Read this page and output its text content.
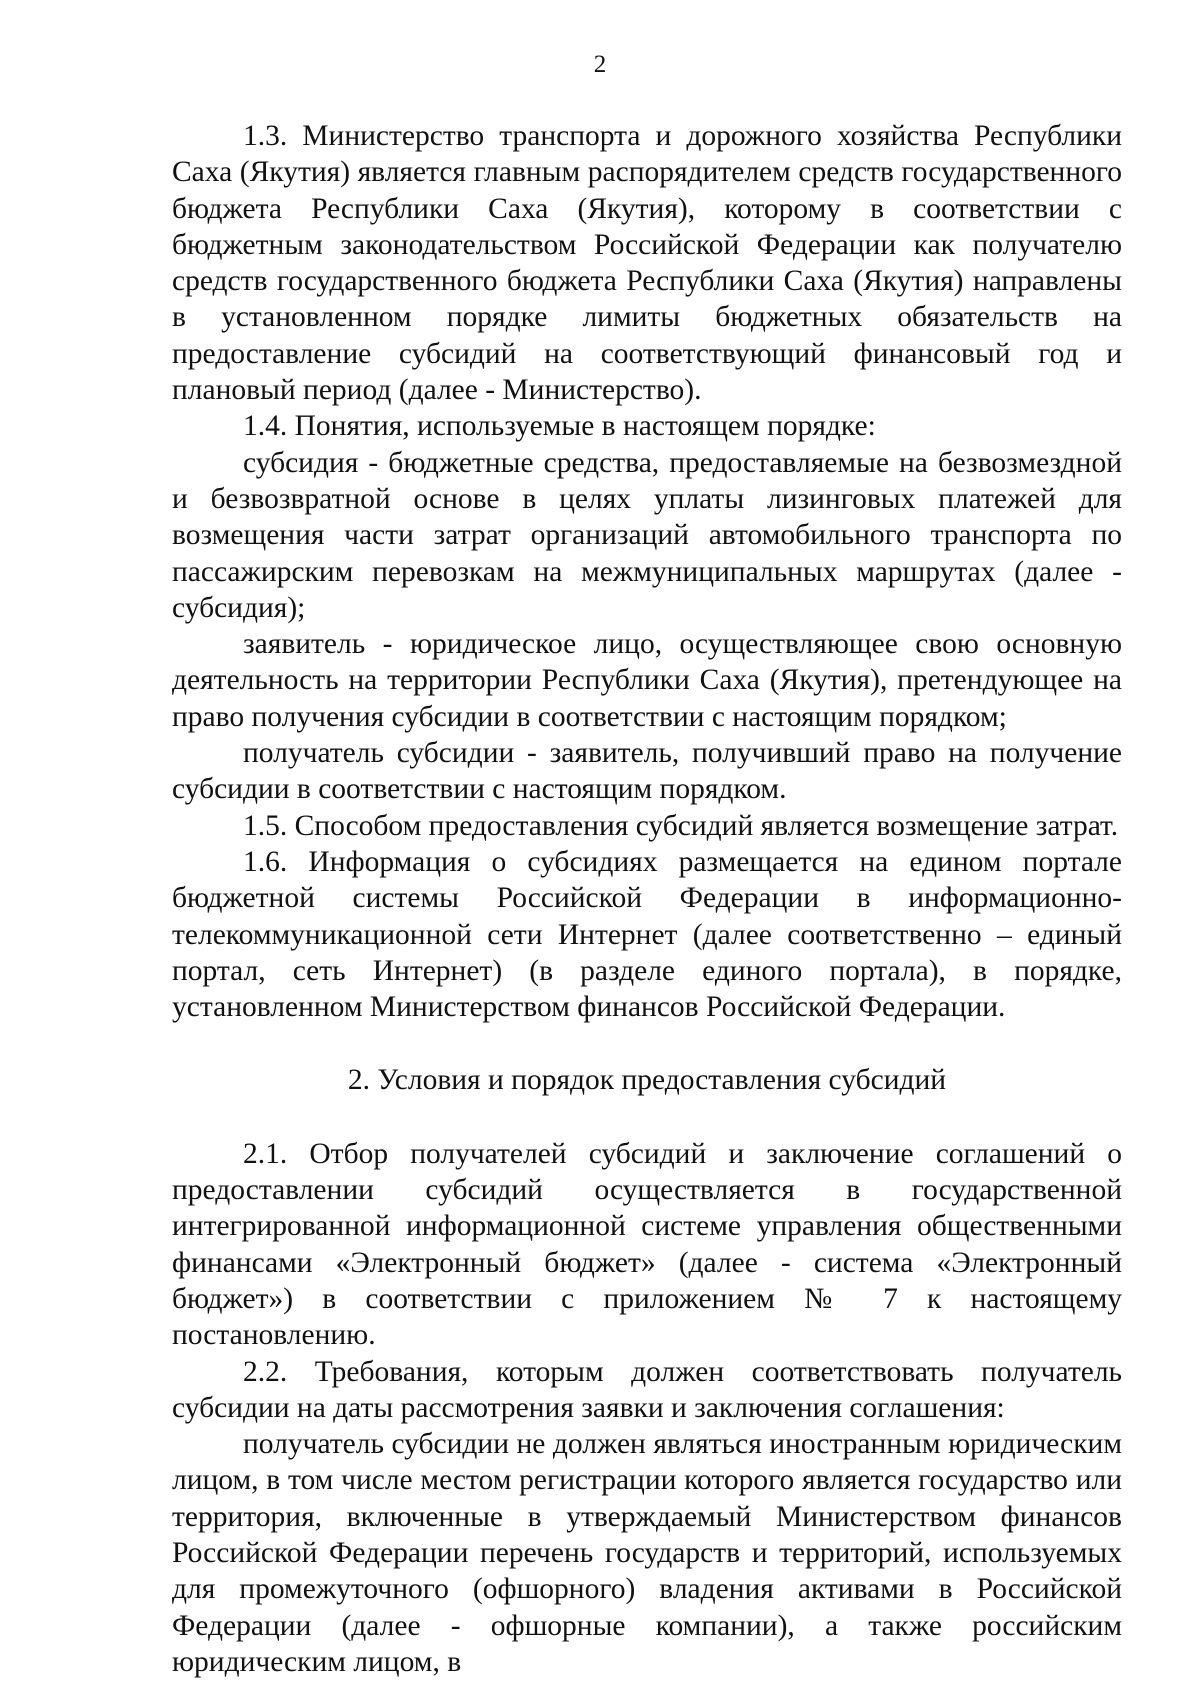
2

1.3. Министерство транспорта и дорожного хозяйства Республики Саха (Якутия) является главным распорядителем средств государственного бюджета Республики Саха (Якутия), которому в соответствии с бюджетным законодательством Российской Федерации как получателю средств государственного бюджета Республики Саха (Якутия) направлены в установленном порядке лимиты бюджетных обязательств на предоставление субсидий на соответствующий финансовый год и плановый период (далее - Министерство).

1.4. Понятия, используемые в настоящем порядке:

субсидия - бюджетные средства, предоставляемые на безвозмездной и безвозвратной основе в целях уплаты лизинговых платежей для возмещения части затрат организаций автомобильного транспорта по пассажирским перевозкам на межмуниципальных маршрутах (далее - субсидия);

заявитель - юридическое лицо, осуществляющее свою основную деятельность на территории Республики Саха (Якутия), претендующее на право получения субсидии в соответствии с настоящим порядком;

получатель субсидии - заявитель, получивший право на получение субсидии в соответствии с настоящим порядком.

1.5. Способом предоставления субсидий является возмещение затрат.

1.6. Информация о субсидиях размещается на едином портале бюджетной системы Российской Федерации в информационно-телекоммуникационной сети Интернет (далее соответственно – единый портал, сеть Интернет) (в разделе единого портала), в порядке, установленном Министерством финансов Российской Федерации.

2. Условия и порядок предоставления субсидий

2.1. Отбор получателей субсидий и заключение соглашений о предоставлении субсидий осуществляется в государственной интегрированной информационной системе управления общественными финансами «Электронный бюджет» (далее - система «Электронный бюджет») в соответствии с приложением № 7 к настоящему постановлению.

2.2. Требования, которым должен соответствовать получатель субсидии на даты рассмотрения заявки и заключения соглашения:

получатель субсидии не должен являться иностранным юридическим лицом, в том числе местом регистрации которого является государство или территория, включенные в утверждаемый Министерством финансов Российской Федерации перечень государств и территорий, используемых для промежуточного (офшорного) владения активами в Российской Федерации (далее - офшорные компании), а также российским юридическим лицом, в
